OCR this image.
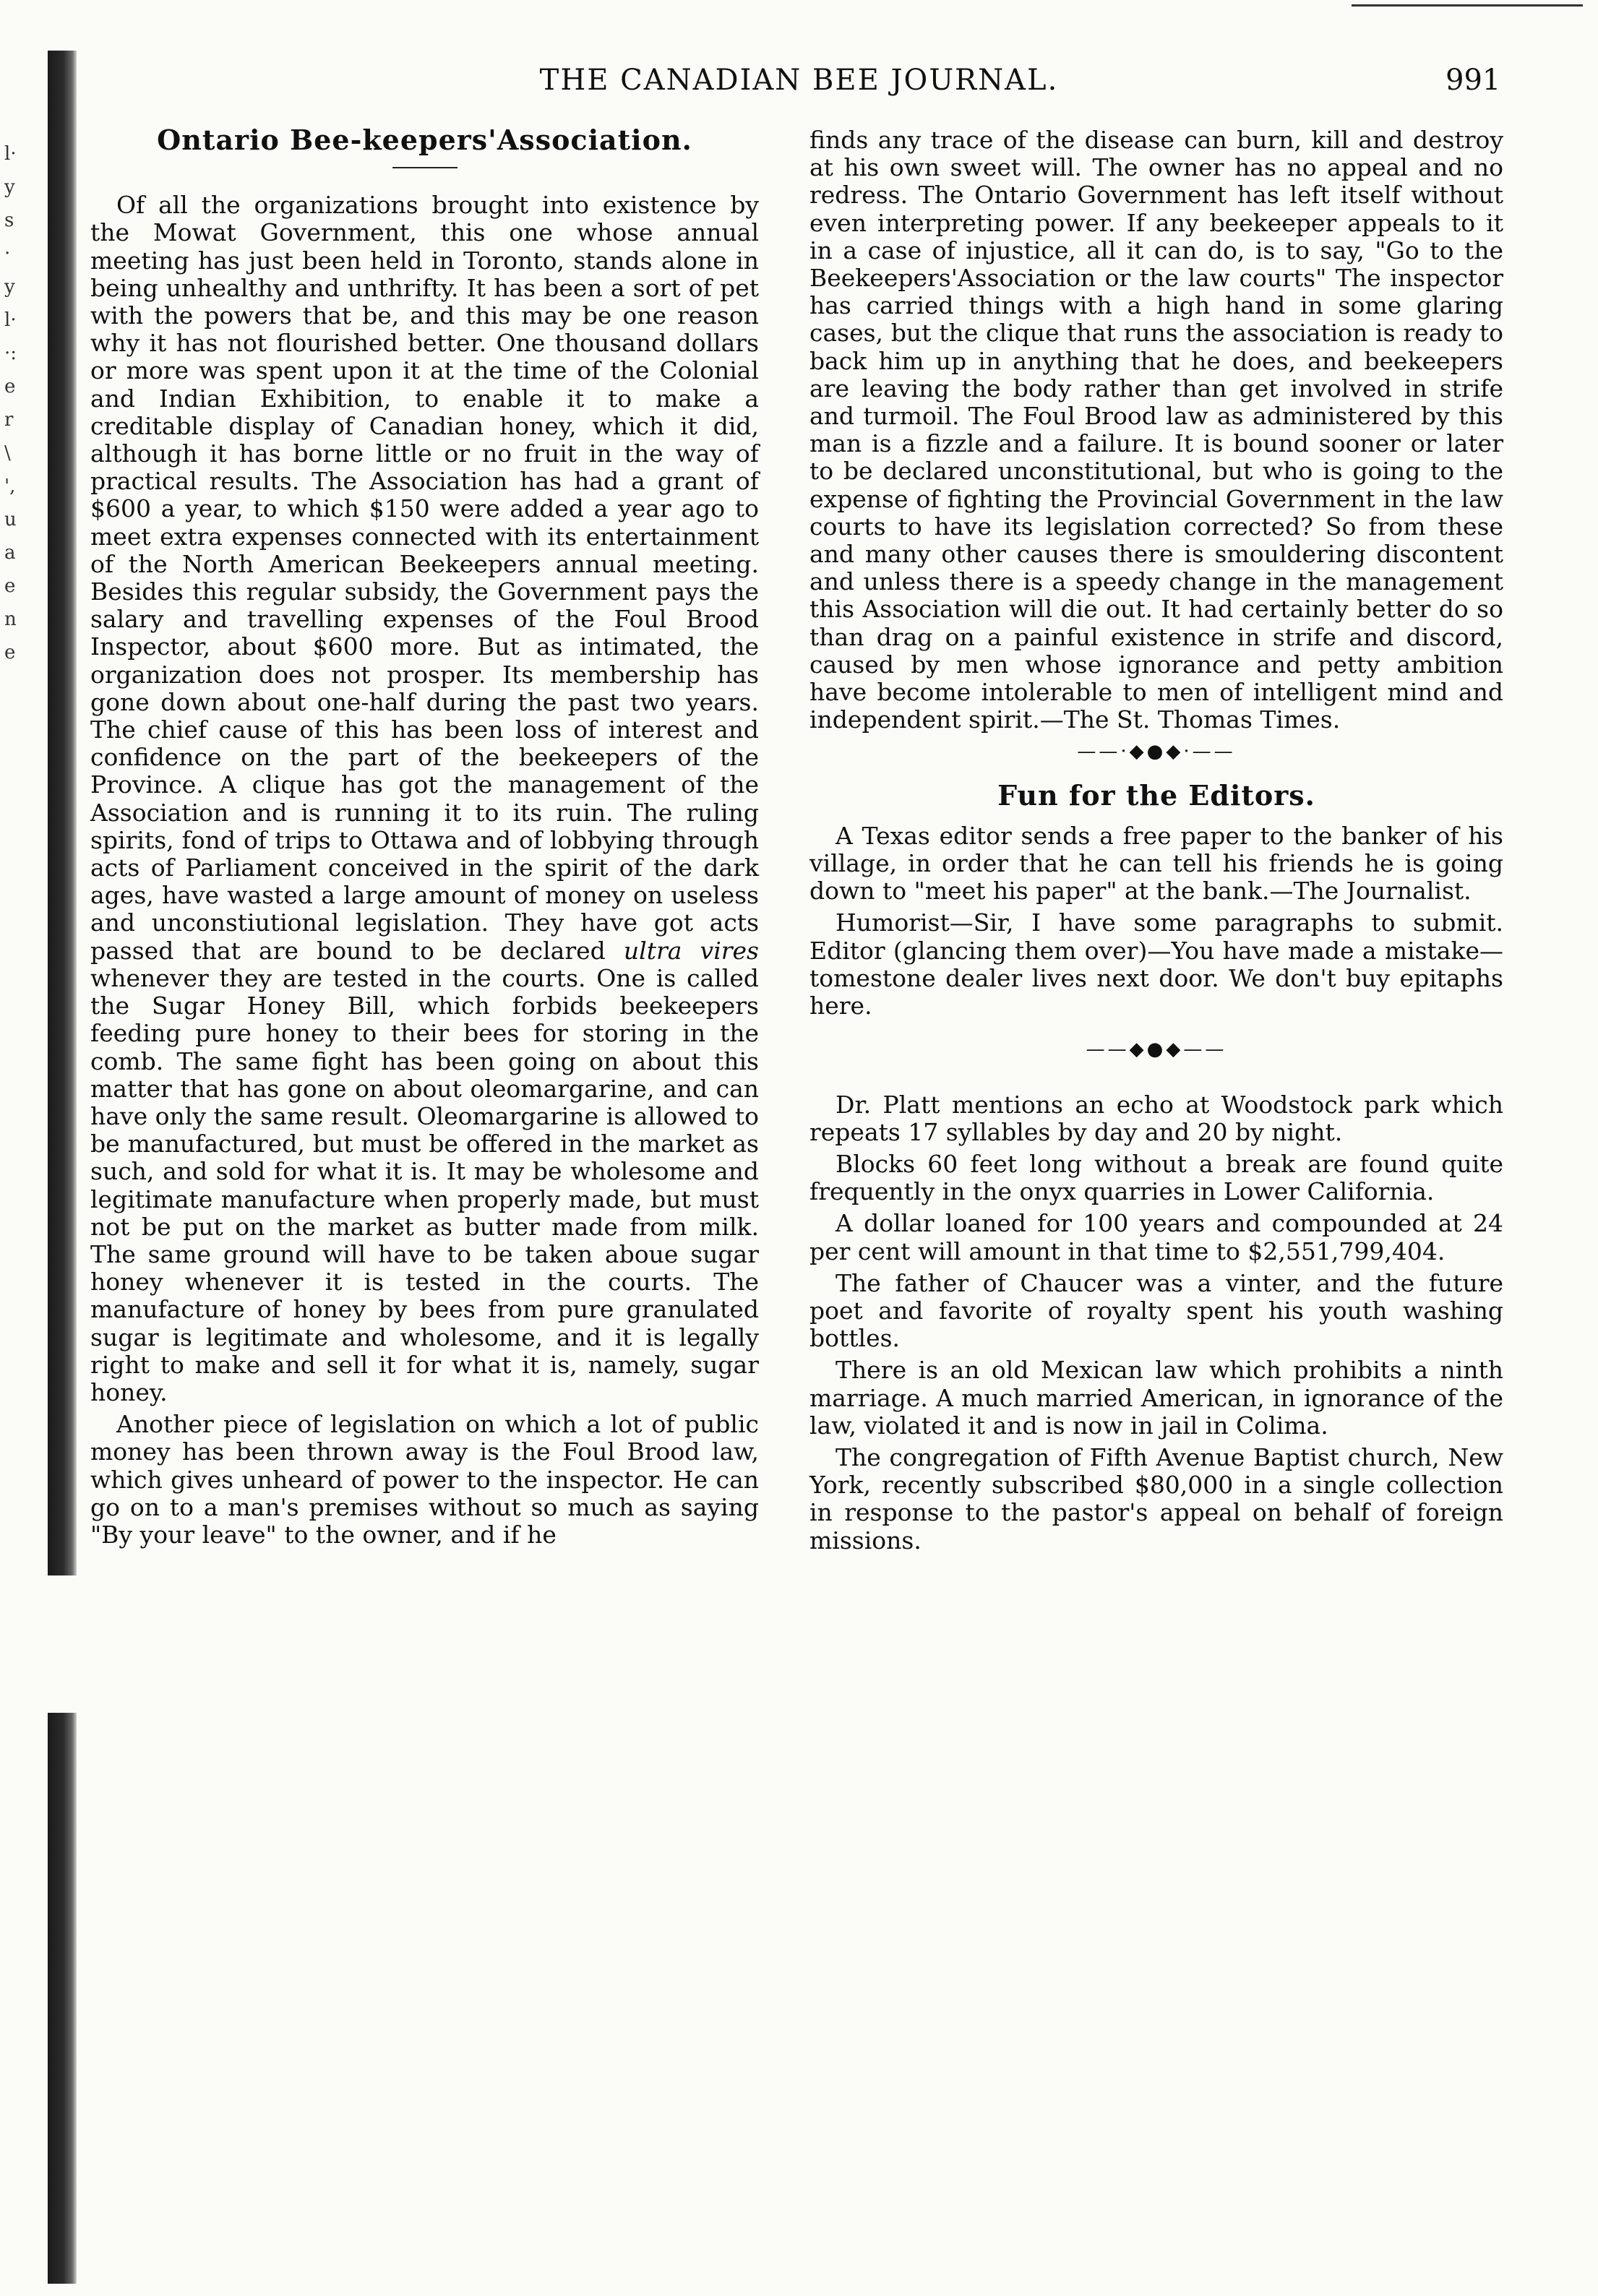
l·
y
s
·
y
l·
·:
e
r
\
',
u
a
e
n
e
THE CANADIAN BEE JOURNAL.	991
Ontario Bee-keepers'Association.

Of all the organizations brought into existence by the Mowat Government, this one whose annual meeting has just been held in Toronto, stands alone in being unhealthy and unthrifty. It has been a sort of pet with the powers that be, and this may be one reason why it has not flourished better. One thousand dollars or more was spent upon it at the time of the Colonial and Indian Exhibition, to enable it to make a creditable display of Canadian honey, which it did, although it has borne little or no fruit in the way of practical results. The Association has had a grant of $600 a year, to which $150 were added a year ago to meet extra expenses connected with its entertainment of the North American Beekeepers annual meeting. Besides this regular subsidy, the Government pays the salary and travelling expenses of the Foul Brood Inspector, about $600 more. But as intimated, the organization does not prosper. Its membership has gone down about one-half during the past two years. The chief cause of this has been loss of interest and confidence on the part of the beekeepers of the Province. A clique has got the management of the Association and is running it to its ruin. The ruling spirits, fond of trips to Ottawa and of lobbying through acts of Parliament conceived in the spirit of the dark ages, have wasted a large amount of money on useless and unconstiutional legislation. They have got acts passed that are bound to be declared ultra vires whenever they are tested in the courts. One is called the Sugar Honey Bill, which forbids beekeepers feeding pure honey to their bees for storing in the comb. The same fight has been going on about this matter that has gone on about oleomargarine, and can have only the same result. Oleomargarine is allowed to be manufactured, but must be offered in the market as such, and sold for what it is. It may be wholesome and legitimate manufacture when properly made, but must not be put on the market as butter made from milk. The same ground will have to be taken aboue sugar honey whenever it is tested in the courts. The manufacture of honey by bees from pure granulated sugar is legitimate and wholesome, and it is legally right to make and sell it for what it is, namely, sugar honey.

Another piece of legislation on which a lot of public money has been thrown away is the Foul Brood law, which gives unheard of power to the inspector. He can go on to a man's premises without so much as saying "By your leave" to the owner, and if he

finds any trace of the disease can burn, kill and destroy at his own sweet will. The owner has no appeal and no redress. The Ontario Government has left itself without even interpreting power. If any beekeeper appeals to it in a case of injustice, all it can do, is to say, "Go to the Beekeepers'Association or the law courts" The inspector has carried things with a high hand in some glaring cases, but the clique that runs the association is ready to back him up in anything that he does, and beekeepers are leaving the body rather than get involved in strife and turmoil. The Foul Brood law as administered by this man is a fizzle and a failure. It is bound sooner or later to be declared unconstitutional, but who is going to the expense of fighting the Provincial Government in the law courts to have its legislation corrected? So from these and many other causes there is smouldering discontent and unless there is a speedy change in the management this Association will die out. It had certainly better do so than drag on a painful existence in strife and discord, caused by men whose ignorance and petty ambition have become intolerable to men of intelligent mind and independent spirit.—The St. Thomas Times.

——·◆●◆·——
Fun for the Editors.

A Texas editor sends a free paper to the banker of his village, in order that he can tell his friends he is going down to "meet his paper" at the bank.—The Journalist.

Humorist—Sir, I have some paragraphs to submit. Editor (glancing them over)—You have made a mistake—tomestone dealer lives next door. We don't buy epitaphs here.

——◆●◆——

Dr. Platt mentions an echo at Woodstock park which repeats 17 syllables by day and 20 by night.

Blocks 60 feet long without a break are found quite frequently in the onyx quarries in Lower California.

A dollar loaned for 100 years and compounded at 24 per cent will amount in that time to $2,551,799,404.

The father of Chaucer was a vinter, and the future poet and favorite of royalty spent his youth washing bottles.

There is an old Mexican law which prohibits a ninth marriage. A much married American, in ignorance of the law, violated it and is now in jail in Colima.

The congregation of Fifth Avenue Baptist church, New York, recently subscribed $80,000 in a single collection in response to the pastor's appeal on behalf of foreign missions.
